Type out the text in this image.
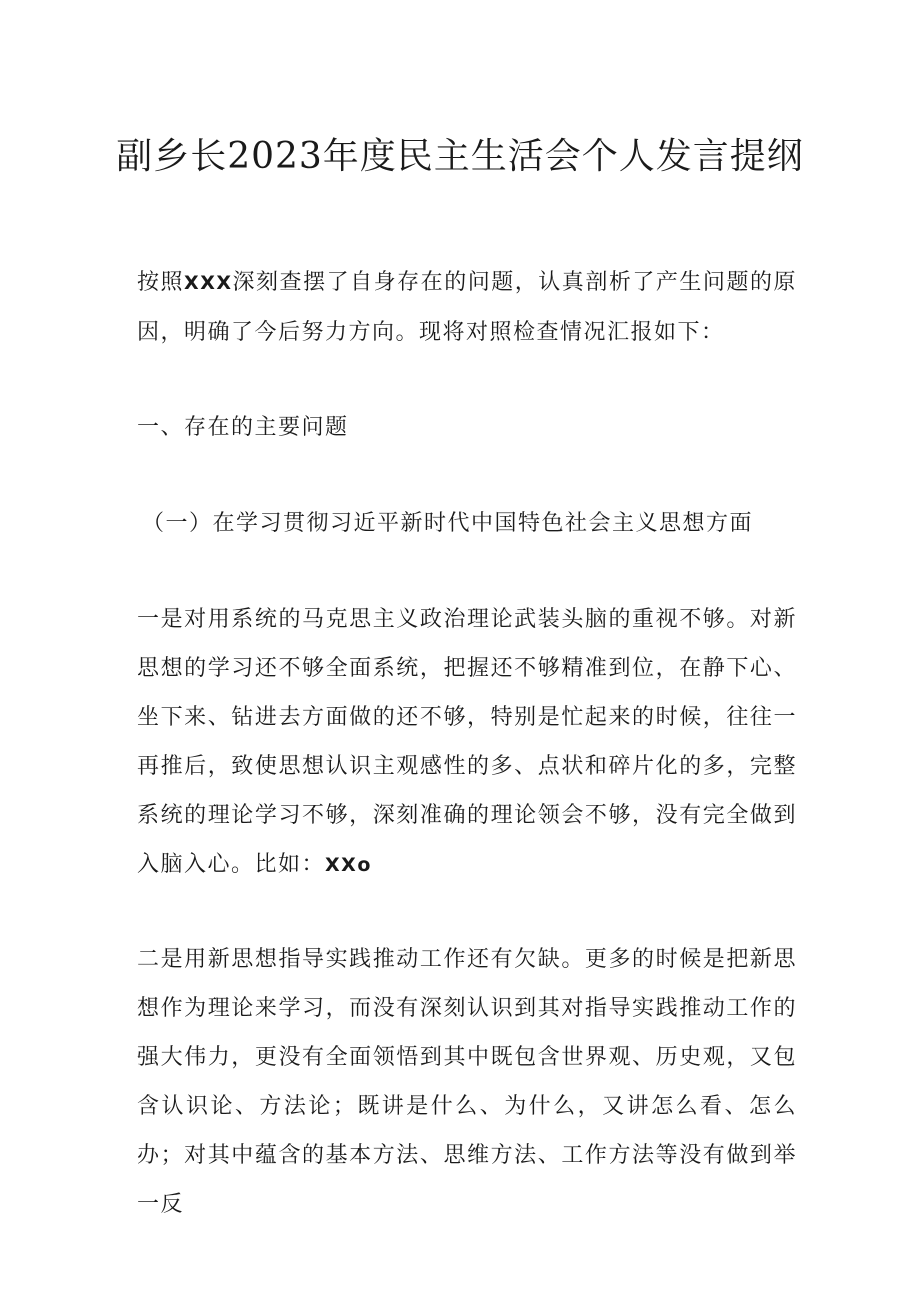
副乡长2023年度民主生活会个人发言提纲

按照XXX深刻查摆了自身存在的问题，认真剖析了产生问题的原因，明确了今后努力方向。现将对照检查情况汇报如下：

一、存在的主要问题

（一）在学习贯彻习近平新时代中国特色社会主义思想方面

一是对用系统的马克思主义政治理论武装头脑的重视不够。对新思想的学习还不够全面系统，把握还不够精准到位，在静下心、坐下来、钻进去方面做的还不够，特别是忙起来的时候，往往一再推后，致使思想认识主观感性的多、点状和碎片化的多，完整系统的理论学习不够，深刻准确的理论领会不够，没有完全做到入脑入心。比如：XXo

二是用新思想指导实践推动工作还有欠缺。更多的时候是把新思想作为理论来学习，而没有深刻认识到其对指导实践推动工作的强大伟力，更没有全面领悟到其中既包含世界观、历史观，又包含认识论、方法论；既讲是什么、为什么，又讲怎么看、怎么办；对其中蕴含的基本方法、思维方法、工作方法等没有做到举一反
